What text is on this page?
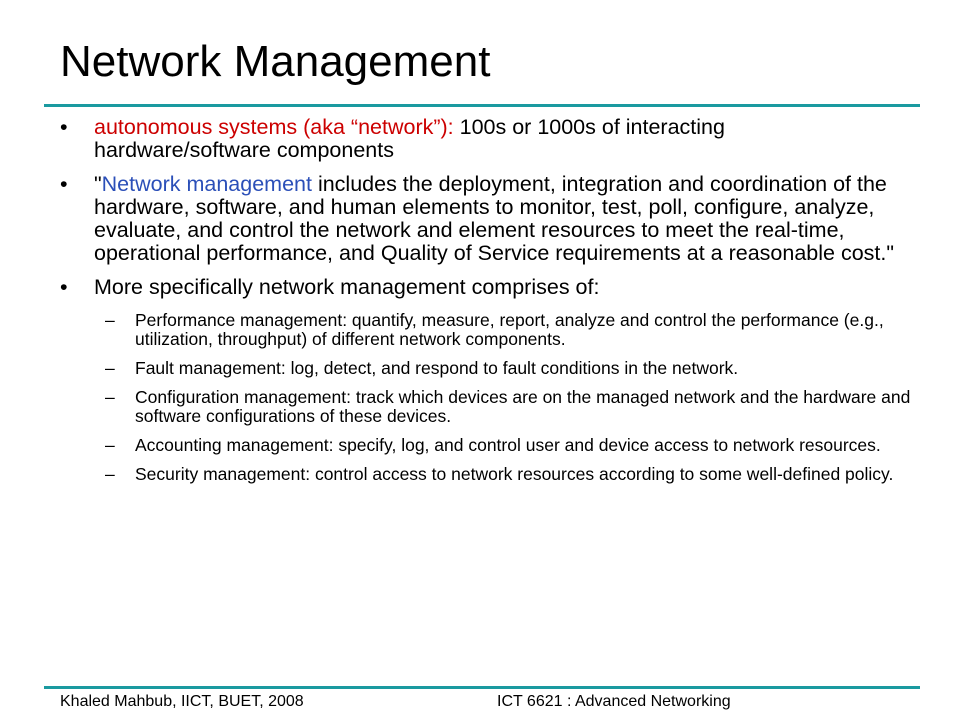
Network Management
• autonomous systems (aka “network”): 100s or 1000s of interacting hardware/software components
• "Network management includes the deployment, integration and coordination of the hardware, software, and human elements to monitor, test, poll, configure, analyze, evaluate, and control the network and element resources to meet the real-time, operational performance, and Quality of Service requirements at a reasonable cost."
• More specifically network management comprises of:
– Performance management: quantify, measure, report, analyze and control the performance (e.g., utilization, throughput) of different network components.
– Fault management: log, detect, and respond to fault conditions in the network.
– Configuration management: track which devices are on the managed network and the hardware and software configurations of these devices.
– Accounting management: specify, log, and control user and device access to network resources.
– Security management: control access to network resources according to some well-defined policy.
Khaled Mahbub, IICT, BUET, 2008	ICT 6621 : Advanced Networking
